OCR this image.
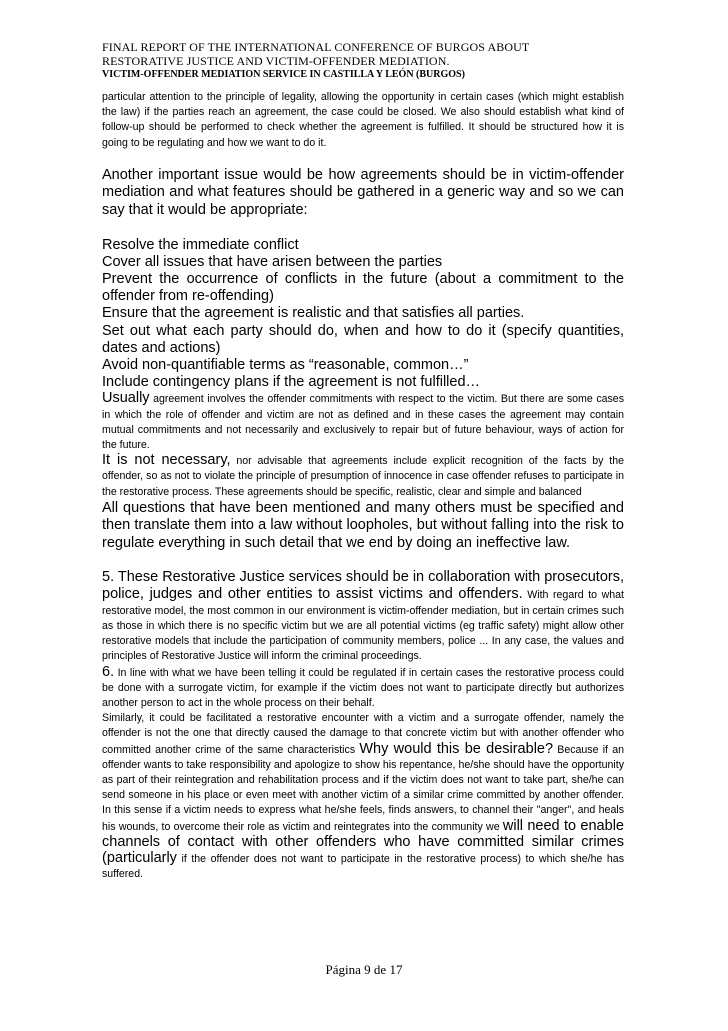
FINAL REPORT OF THE INTERNATIONAL CONFERENCE OF BURGOS ABOUT
RESTORATIVE JUSTICE AND VICTIM-OFFENDER MEDIATION.
VICTIM-OFFENDER MEDIATION SERVICE IN CASTILLA Y LEÓN (BURGOS)

particular attention to the principle of legality, allowing the opportunity in certain cases (which might establish the law) if the parties reach an agreement, the case could be closed. We also should establish what kind of follow-up should be performed to check whether the agreement is fulfilled. It should be structured how it is going to be regulating and how we want to do it.

Another important issue would be how agreements should be in victim-offender mediation and what features should be gathered in a generic way and so we can say that it would be appropriate:

Resolve the immediate conflict
Cover all issues that have arisen between the parties
Prevent the occurrence of conflicts in the future (about a commitment to the offender from re-offending)
Ensure that the agreement is realistic and that satisfies all parties.
Set out what each party should do, when and how to do it (specify quantities, dates and actions)
Avoid non-quantifiable terms as “reasonable, common…”
Include contingency plans if the agreement is not fulfilled…

Usually agreement involves the offender commitments with respect to the victim. But there are some cases in which the role of offender and victim are not as defined and in these cases the agreement may contain mutual commitments and not necessarily and exclusively to repair but of future behaviour, ways of action for the future.

It is not necessary, nor advisable that agreements include explicit recognition of the facts by the offender, so as not to violate the principle of presumption of innocence in case offender refuses to participate in the restorative process. These agreements should be specific, realistic, clear and simple and balanced

All questions that have been mentioned and many others must be specified and then translate them into a law without loopholes, but without falling into the risk to regulate everything in such detail that we end by doing an ineffective law.

5. These Restorative Justice services should be in collaboration with prosecutors, police, judges and other entities to assist victims and offenders. With regard to what restorative model, the most common in our environment is victim-offender mediation, but in certain crimes such as those in which there is no specific victim but we are all potential victims (eg traffic safety) might allow other restorative models that include the participation of community members, police ... In any case, the values and principles of Restorative Justice will inform the criminal proceedings.

6. In line with what we have been telling it could be regulated if in certain cases the restorative process could be done with a surrogate victim, for example if the victim does not want to participate directly but authorizes another person to act in the whole process on their behalf.

Similarly, it could be facilitated a restorative encounter with a victim and a surrogate offender, namely the offender is not the one that directly caused the damage to that concrete victim but with another offender who committed another crime of the same characteristics Why would this be desirable? Because if an offender wants to take responsibility and apologize to show his repentance, he/she should have the opportunity as part of their reintegration and rehabilitation process and if the victim does not want to take part, she/he can send someone in his place or even meet with another victim of a similar crime committed by another offender. In this sense if a victim needs to express what he/she feels, finds answers, to channel their "anger", and heals his wounds, to overcome their role as victim and reintegrates into the community we will need to enable channels of contact with other offenders who have committed similar crimes (particularly if the offender does not want to participate in the restorative process) to which she/he has suffered.

Página 9 de 17
